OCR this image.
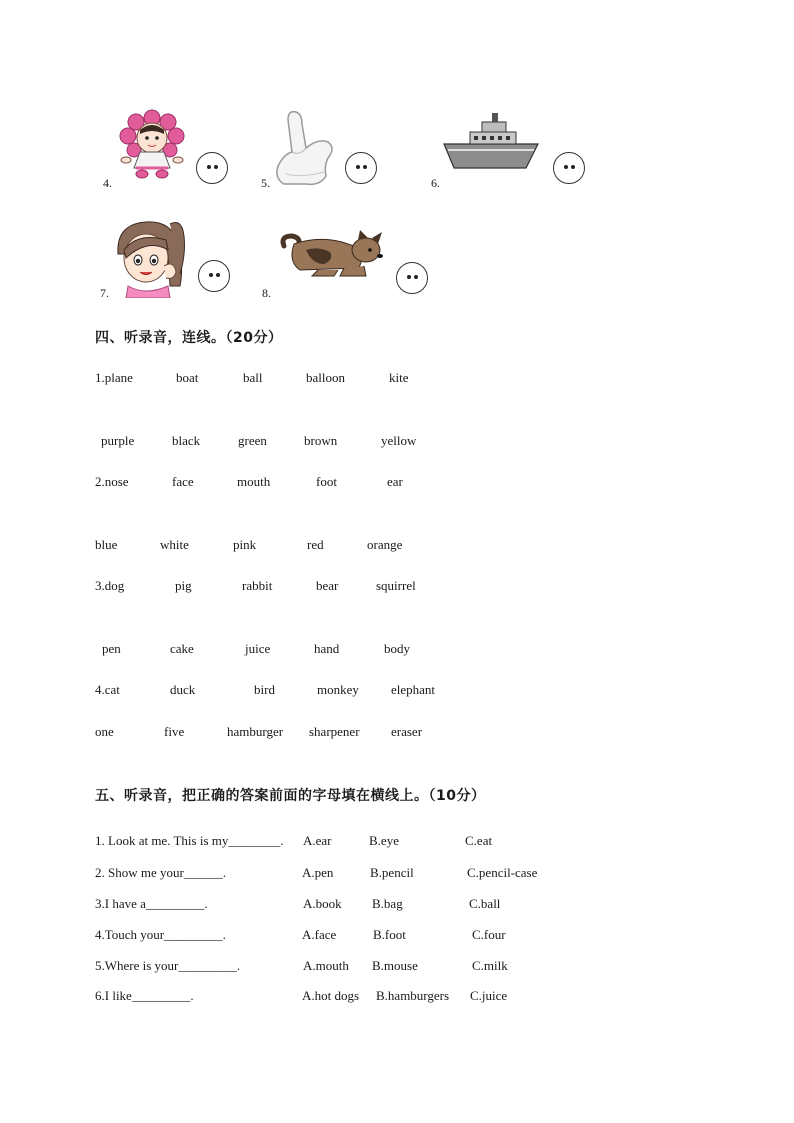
4.	5.	6.
7.	8.
四、听录音，连线。（20分）
1.plane	boat	ball	balloon	kite
purple	black	green	brown	yellow
2.nose	face	mouth	foot	ear
blue	white	pink	red	orange
3.dog	pig	rabbit	bear	squirrel
pen	cake	juice	hand	body
4.cat	duck	bird	monkey elephant
one	five	hamburger sharpener eraser
五、听录音，把正确的答案前面的字母填在横线上。（10分）
1. Look at me. This is my________. A.ear	B.eye	C.eat
2. Show me your______.	A.pen	B.pencil	C.pencil-case
3.I have a_________.	A.book B.bag	C.ball
4.Touch your_________.	A.face	B.foot	C.four
5.Where is your_________.	A.mouth B.mouse	C.milk
6.I like_________.	A.hot dogs B.hamburgers C.juice
